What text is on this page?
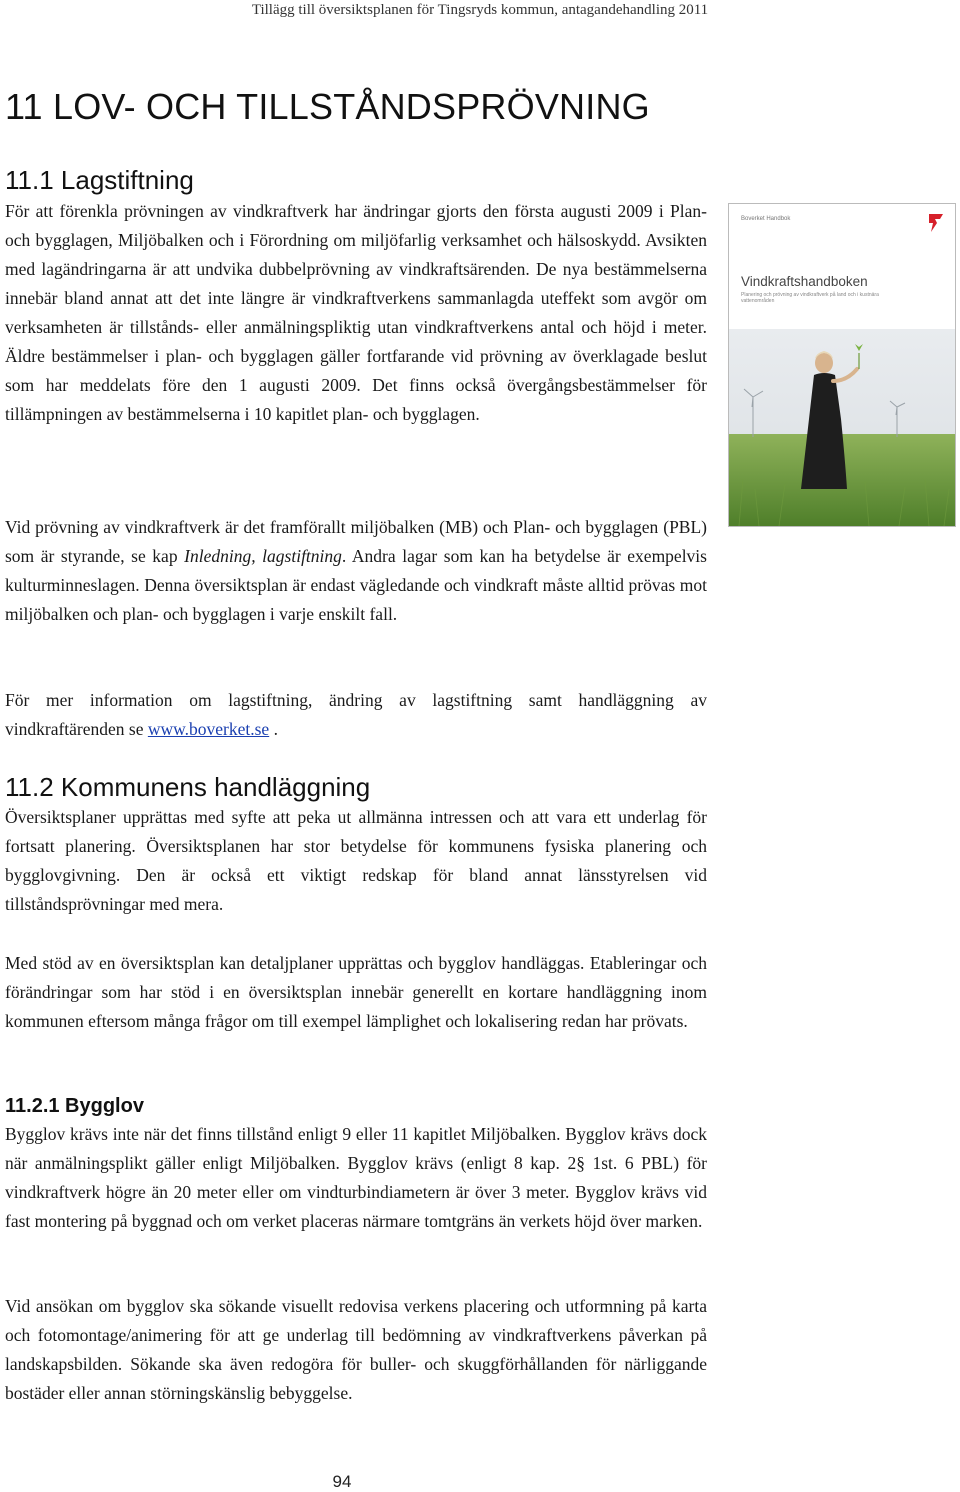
Tillägg till översiktsplanen för Tingsryds kommun, antagandehandling 2011
11 LOV- OCH TILLSTÅNDSPRÖVNING
11.1 Lagstiftning

För att förenkla prövningen av vindkraftverk har ändringar gjorts den första augusti 2009 i Plan- och bygglagen, Miljöbalken och i Förordning om miljöfarlig verksamhet och hälsoskydd. Avsikten med lagändringarna är att undvika dubbelprövning av vindkraftsärenden. De nya bestämmelserna innebär bland annat att det inte längre är vindkraftverkens sammanlagda uteffekt som avgör om verksamheten är tillstånds- eller anmälningspliktig utan vindkraftverkens antal och höjd i meter. Äldre bestämmelser i plan- och bygglagen gäller fortfarande vid prövning av överklagade beslut som har meddelats före den 1 augusti 2009. Det finns också övergångsbestämmelser för tillämpningen av bestämmelserna i 10 kapitlet plan- och bygglagen.

Vid prövning av vindkraftverk är det framförallt miljöbalken (MB) och Plan- och bygglagen (PBL) som är styrande, se kap Inledning, lagstiftning. Andra lagar som kan ha betydelse är exempelvis kulturminneslagen. Denna översiktsplan är endast vägledande och vindkraft måste alltid prövas mot miljöbalken och plan- och bygglagen i varje enskilt fall.

För mer information om lagstiftning, ändring av lagstiftning samt handläggning av vindkraftärenden se www.boverket.se .

11.2 Kommunens handläggning

Översiktsplaner upprättas med syfte att peka ut allmänna intressen och att vara ett underlag för fortsatt planering. Översiktsplanen har stor betydelse för kommunens fysiska planering och bygglovgivning. Den är också ett viktigt redskap för bland annat länsstyrelsen vid tillståndsprövningar med mera.

Med stöd av en översiktsplan kan detaljplaner upprättas och bygglov handläggas. Etableringar och förändringar som har stöd i en översiktsplan innebär generellt en kortare handläggning inom kommunen eftersom många frågor om till exempel lämplighet och lokalisering redan har prövats.

11.2.1 Bygglov

Bygglov krävs inte när det finns tillstånd enligt 9 eller 11 kapitlet Miljöbalken. Bygglov krävs dock när anmälningsplikt gäller enligt Miljöbalken. Bygglov krävs (enligt 8 kap. 2§ 1st. 6 PBL) för vindkraftverk högre än 20 meter eller om vindturbindiametern är över 3 meter. Bygglov krävs vid fast montering på byggnad och om verket placeras närmare tomtgräns än verkets höjd över marken.

Vid ansökan om bygglov ska sökande visuellt redovisa verkens placering och utformning på karta och fotomontage/animering för att ge underlag till bedömning av vindkraftverkens påverkan på landskapsbilden. Sökande ska även redogöra för buller- och skuggförhållanden för närliggande bostäder eller annan störningskänslig bebyggelse.

Boverket Handbok
Vindkraftshandboken
Planering och prövning av vindkraftverk på land och i kustnära vattenområden
94
